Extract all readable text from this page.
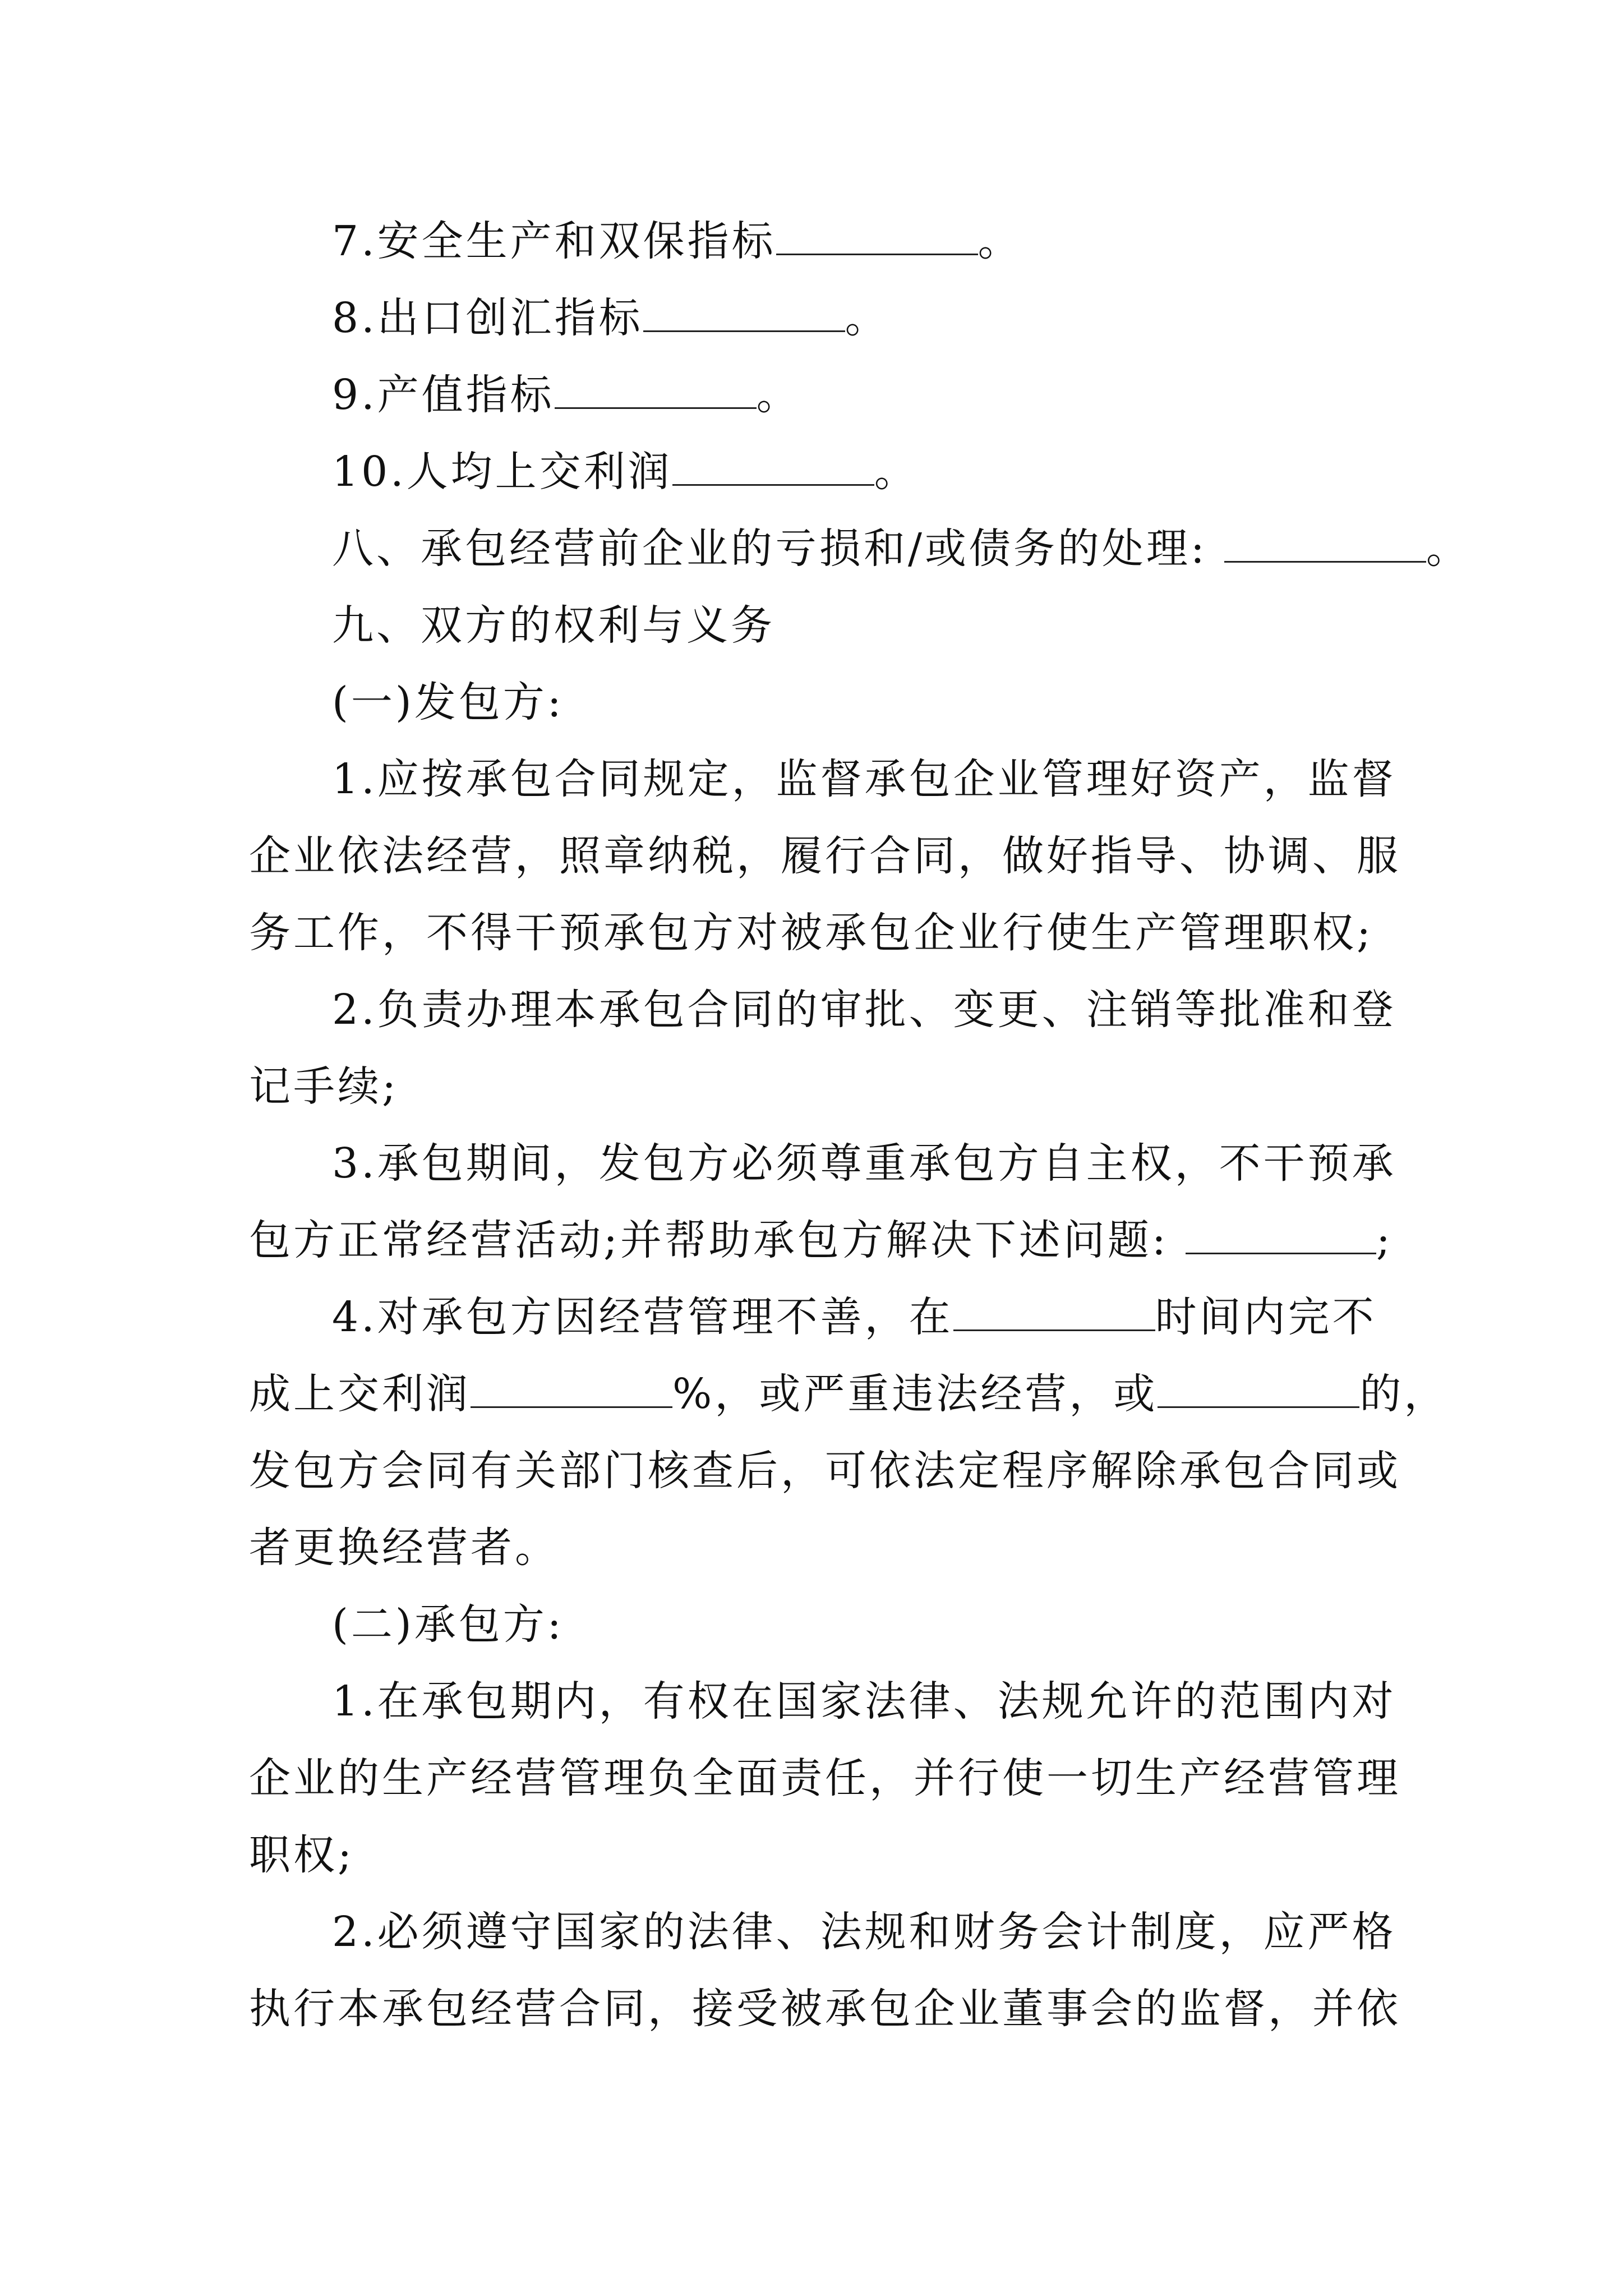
7.安全生产和双保指标	。
8.出口创汇指标	。
9.产值指标	。
10.人均上交利润	。
八、承包经营前企业的亏损和/或债务的处理:	。
九、双方的权利与义务
(一)发包方:
1.应按承包合同规定，监督承包企业管理好资产，监督
企业依法经营，照章纳税，履行合同，做好指导、协调、服
务工作，不得干预承包方对被承包企业行使生产管理职权;
2.负责办理本承包合同的审批、变更、注销等批准和登
记手续;
3.承包期间，发包方必须尊重承包方自主权，不干预承
包方正常经营活动;并帮助承包方解决下述问题:	;
4.对承包方因经营管理不善，在	时间内完不
成上交利润	%，或严重违法经营，或	的，
发包方会同有关部门核查后，可依法定程序解除承包合同或
者更换经营者。
(二)承包方:
1.在承包期内，有权在国家法律、法规允许的范围内对
企业的生产经营管理负全面责任，并行使一切生产经营管理
职权;
2.必须遵守国家的法律、法规和财务会计制度，应严格
执行本承包经营合同，接受被承包企业董事会的监督，并依
